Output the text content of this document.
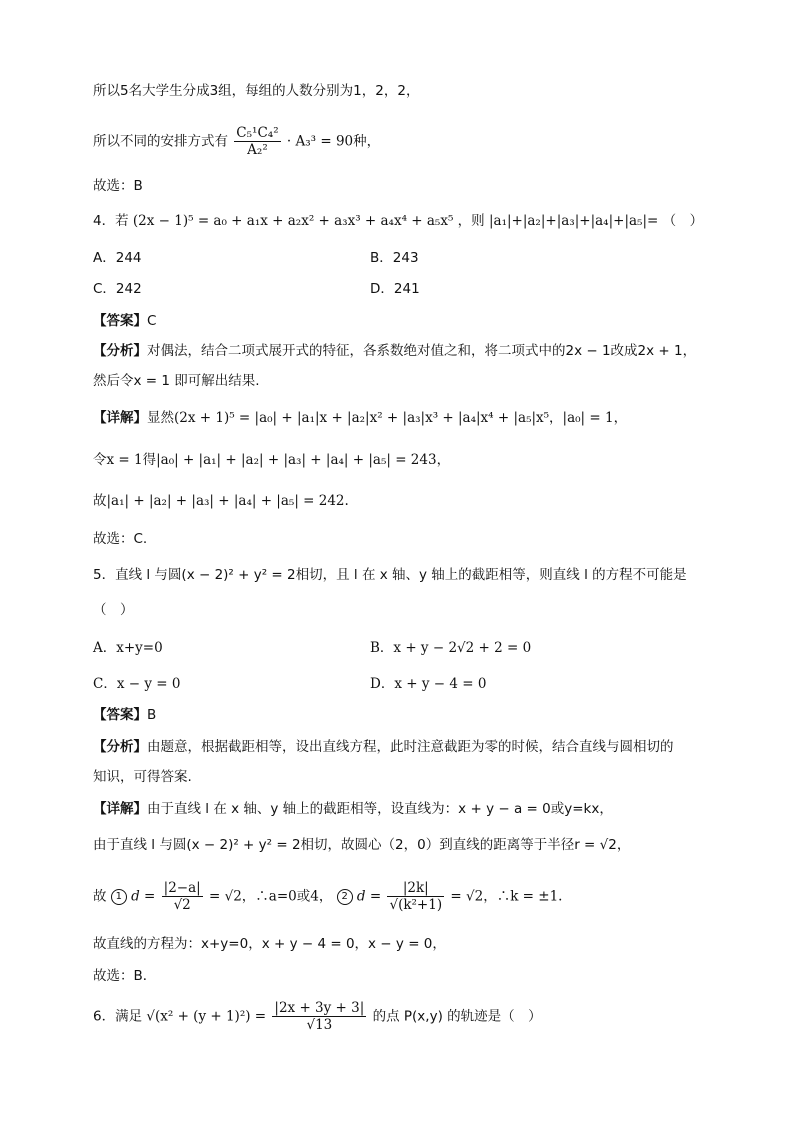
所以5名大学生分成3组，每组的人数分别为1，2，2，
所以不同的安排方式有 $\frac{\text{C₅¹C₄²}}{\text{A₂²}} \cdot A_3^3 = 90$种，
故选：B
4．若 (2x − 1)⁵ = a₀ + a₁x + a₂x² + a₃x³ + a₄x⁴ + a₅x⁵ ，则 |a₁|+|a₂|+|a₃|+|a₄|+|a₅|= （　）
A．244	B．243
C．242	D．241
【答案】C
【分析】对偶法，结合二项式展开式的特征，各系数绝对值之和，将二项式中的2x − 1改成2x + 1，
然后令x = 1 即可解出结果.
【详解】显然(2x + 1)⁵ = |a₀| + |a₁|x + |a₂|x² + |a₃|x³ + |a₄|x⁴ + |a₅|x⁵，|a₀| = 1，
令x = 1得|a₀| + |a₁| + |a₂| + |a₃| + |a₄| + |a₅| = 243，
故|a₁| + |a₂| + |a₃| + |a₄| + |a₅| = 242.
故选：C.
5．直线 l 与圆(x − 2)² + y² = 2相切，且 l 在 x 轴、y 轴上的截距相等，则直线 l 的方程不可能是
（　）
A．x+y=0	B．x + y − 2√2 + 2 = 0
C．x − y = 0	D．x + y − 4 = 0
【答案】B
【分析】由题意，根据截距相等，设出直线方程，此时注意截距为零的时候，结合直线与圆相切的
知识，可得答案.
【详解】由于直线 l 在 x 轴、y 轴上的截距相等，设直线为：x + y − a = 0或y=kx，
由于直线 l 与圆(x − 2)² + y² = 2相切，故圆心（2，0）到直线的距离等于半径r = √2，
故 1 $d = \frac{|2-a|}{√2} = √2$，∴a=0或4， 2 $d = \frac{|2k|}{\text{√(k²+1)}} = √2$，∴k = ±1.
故直线的方程为：x+y=0，x + y − 4 = 0，x − y = 0，
故选：B．
6．满足 $√(x^2 + (y + 1)^2) = \frac{|2x + 3y + 3|}{√13}$ 的点 P(x,y) 的轨迹是（　）
